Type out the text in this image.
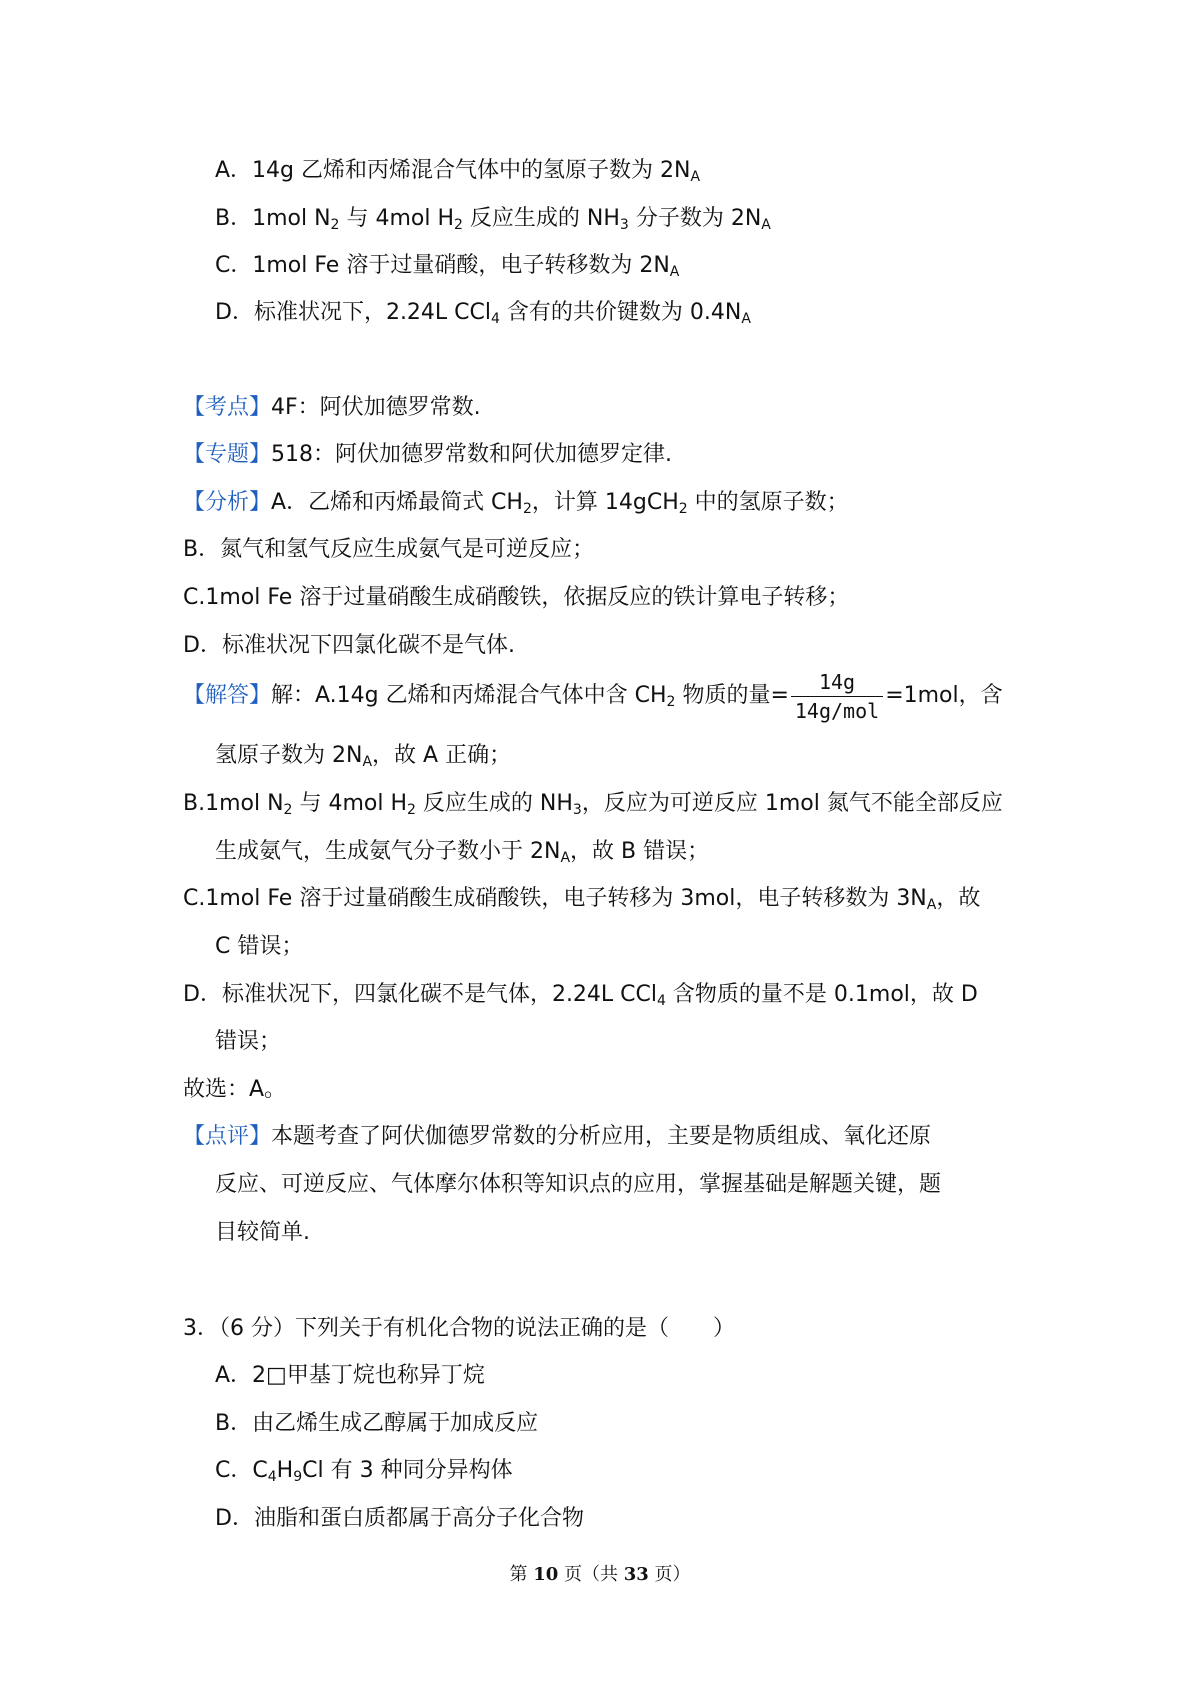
A．14g 乙烯和丙烯混合气体中的氢原子数为 $2N_A$
B．1mol $N_2$ 与 4mol $H_2$ 反应生成的 $NH_3$ 分子数为 $2N_A$
C．1mol Fe 溶于过量硝酸，电子转移数为 $2N_A$
D．标准状况下，2.24L CCl$_4$ 含有的共价键数为 $0.4N_A$
【考点】4F：阿伏加德罗常数.
【专题】518：阿伏加德罗常数和阿伏加德罗定律.
【分析】A．乙烯和丙烯最简式 $CH_2$，计算 14gCH$_2$ 中的氢原子数；
B．氮气和氢气反应生成氨气是可逆反应；
C.1mol Fe 溶于过量硝酸生成硝酸铁，依据反应的铁计算电子转移；
D．标准状况下四氯化碳不是气体.
【解答】解：A.14g 乙烯和丙烯混合气体中含 $CH_2$ 物质的量= $\frac{14g}{\text{14g/mol}} =1mol$，含
氢原子数为 $2N_A$，故 A 正确；
B.1mol $N_2$ 与 4mol $H_2$ 反应生成的 $NH_3$，反应为可逆反应 1mol 氮气不能全部反应
生成氨气，生成氨气分子数小于 $2N_A$，故 B 错误；
C.1mol Fe 溶于过量硝酸生成硝酸铁，电子转移为 3mol，电子转移数为 $3N_A$，故
C 错误；
D．标准状况下，四氯化碳不是气体，2.24L CCl$_4$ 含物质的量不是 0.1mol，故 D
错误；
故选：A。
【点评】本题考查了阿伏伽德罗常数的分析应用，主要是物质组成、氧化还原
反应、可逆反应、气体摩尔体积等知识点的应用，掌握基础是解题关键，题
目较简单.
3．（6 分）下列关于有机化合物的说法正确的是（　　）
A．2□甲基丁烷也称异丁烷
B．由乙烯生成乙醇属于加成反应
C．$C_4H_9Cl$ 有 3 种同分异构体
D．油脂和蛋白质都属于高分子化合物
第 10 页（共 33 页）
